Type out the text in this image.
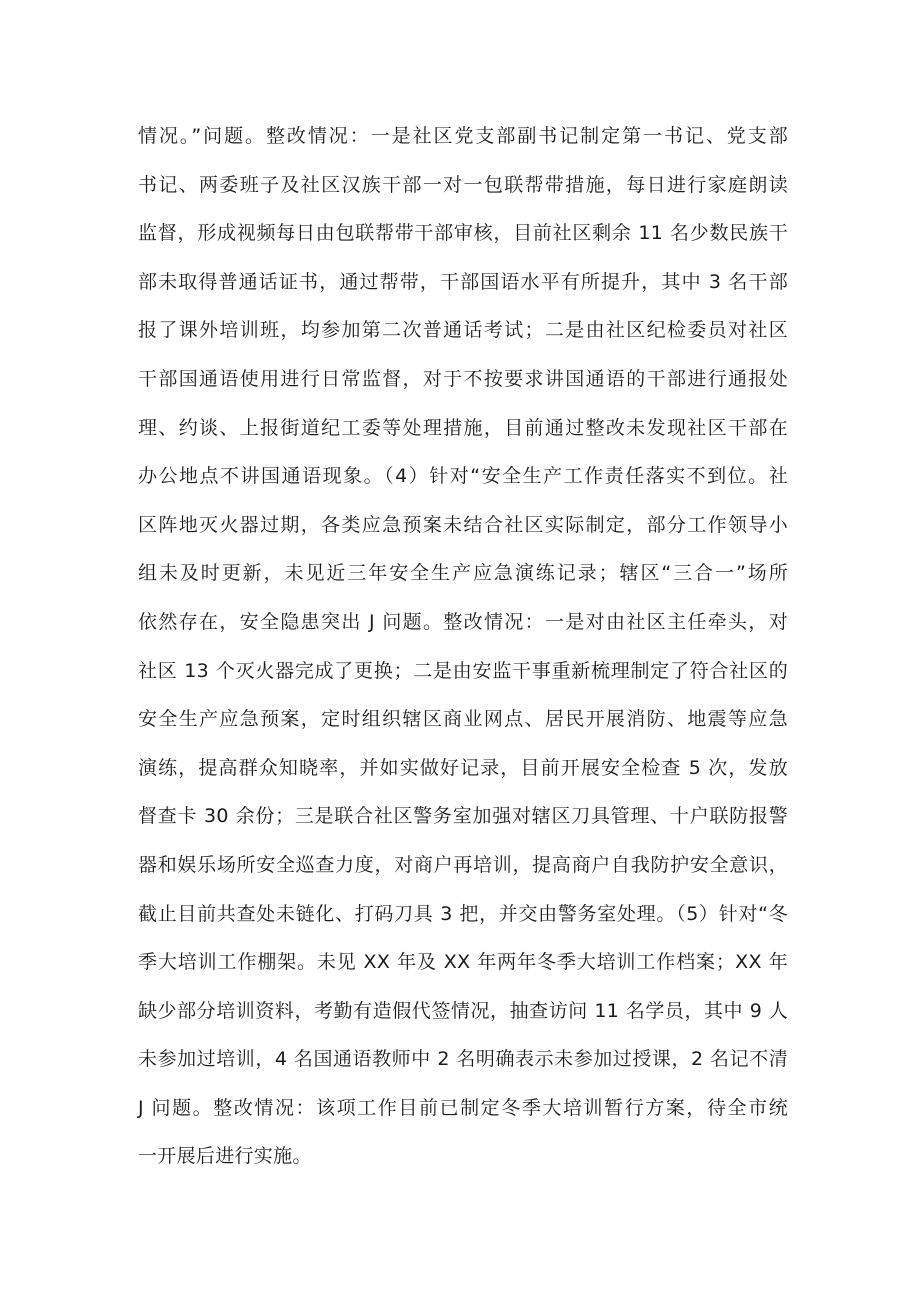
情况。”问题。整改情况：一是社区党支部副书记制定第一书记、党支部
书记、两委班子及社区汉族干部一对一包联帮带措施，每日进行家庭朗读
监督，形成视频每日由包联帮带干部审核，目前社区剩余 11 名少数民族干
部未取得普通话证书，通过帮带，干部国语水平有所提升，其中 3 名干部
报了课外培训班，均参加第二次普通话考试；二是由社区纪检委员对社区
干部国通语使用进行日常监督，对于不按要求讲国通语的干部进行通报处
理、约谈、上报街道纪工委等处理措施，目前通过整改未发现社区干部在
办公地点不讲国通语现象。（4）针对“安全生产工作责任落实不到位。社
区阵地灭火器过期，各类应急预案未结合社区实际制定，部分工作领导小
组未及时更新，未见近三年安全生产应急演练记录；辖区“三合一”场所
依然存在，安全隐患突出 J 问题。整改情况：一是对由社区主任牵头，对
社区 13 个灭火器完成了更换；二是由安监干事重新梳理制定了符合社区的
安全生产应急预案，定时组织辖区商业网点、居民开展消防、地震等应急
演练，提高群众知晓率，并如实做好记录，目前开展安全检查 5 次，发放
督查卡 30 余份；三是联合社区警务室加强对辖区刀具管理、十户联防报警
器和娱乐场所安全巡查力度，对商户再培训，提高商户自我防护安全意识，
截止目前共查处未链化、打码刀具 3 把，并交由警务室处理。（5）针对“冬
季大培训工作棚架。未见 XX 年及 XX 年两年冬季大培训工作档案；XX 年
缺少部分培训资料，考勤有造假代签情况，抽查访问 11 名学员，其中 9 人
未参加过培训，4 名国通语教师中 2 名明确表示未参加过授课，2 名记不清
J 问题。整改情况：该项工作目前已制定冬季大培训暂行方案，待全市统
一开展后进行实施。
